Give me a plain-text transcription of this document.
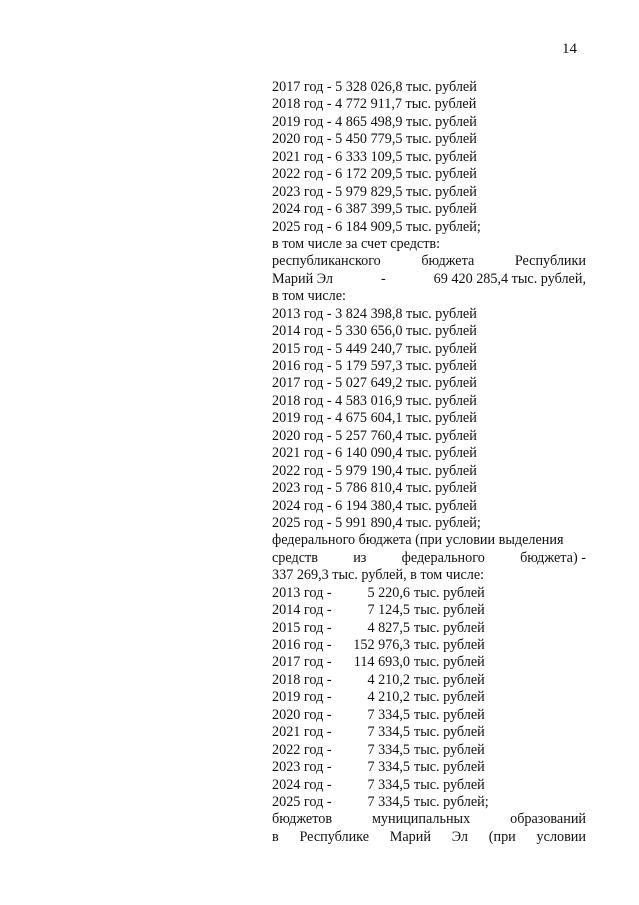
14
2017 год - 5 328 026,8 тыс. рублей
2018 год - 4 772 911,7 тыс. рублей
2019 год - 4 865 498,9 тыс. рублей
2020 год - 5 450 779,5 тыс. рублей
2021 год - 6 333 109,5 тыс. рублей
2022 год - 6 172 209,5 тыс. рублей
2023 год - 5 979 829,5 тыс. рублей
2024 год - 6 387 399,5 тыс. рублей
2025 год - 6 184 909,5 тыс. рублей;
в том числе за счет средств:
республиканского	бюджета	Республики
Марий Эл	-	69 420 285,4 тыс. рублей,
в том числе:
2013 год - 3 824 398,8 тыс. рублей
2014 год - 5 330 656,0 тыс. рублей
2015 год - 5 449 240,7 тыс. рублей
2016 год - 5 179 597,3 тыс. рублей
2017 год - 5 027 649,2 тыс. рублей
2018 год - 4 583 016,9 тыс. рублей
2019 год - 4 675 604,1 тыс. рублей
2020 год - 5 257 760,4 тыс. рублей
2021 год - 6 140 090,4 тыс. рублей
2022 год - 5 979 190,4 тыс. рублей
2023 год - 5 786 810,4 тыс. рублей
2024 год - 6 194 380,4 тыс. рублей
2025 год - 5 991 890,4 тыс. рублей;
федерального бюджета (при условии выделения
средств из федерального бюджета) -
337 269,3 тыс. рублей, в том числе:
2013 год -	5 220,6 тыс. рублей
2014 год -	7 124,5 тыс. рублей
2015 год -	4 827,5 тыс. рублей
2016 год -	152 976,3 тыс. рублей
2017 год -	114 693,0 тыс. рублей
2018 год -	4 210,2 тыс. рублей
2019 год -	4 210,2 тыс. рублей
2020 год -	7 334,5 тыс. рублей
2021 год -	7 334,5 тыс. рублей
2022 год -	7 334,5 тыс. рублей
2023 год -	7 334,5 тыс. рублей
2024 год -	7 334,5 тыс. рублей
2025 год -	7 334,5 тыс. рублей;
бюджетов	муниципальных	образований
в Республике Марий Эл (при условии
